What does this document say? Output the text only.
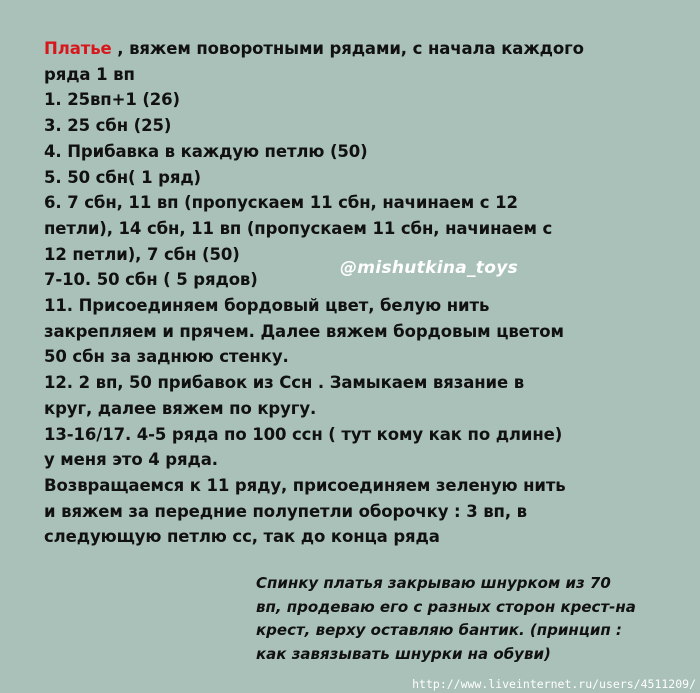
Платье , вяжем поворотными рядами, с начала каждого
ряда 1 вп
1. 25вп+1 (26)
3. 25 сбн (25)
4. Прибавка в каждую петлю (50)
5. 50 сбн( 1 ряд)
6. 7 сбн, 11 вп (пропускаем 11 сбн, начинаем с 12
петли), 14 сбн, 11 вп (пропускаем 11 сбн, начинаем с
12 петли), 7 сбн (50)
7-10. 50 сбн ( 5 рядов)
11. Присоединяем бордовый цвет, белую нить
закрепляем и прячем. Далее вяжем бордовым цветом
50 сбн за заднюю стенку.
12. 2 вп, 50 прибавок из Ссн . Замыкаем вязание в
круг, далее вяжем по кругу.
13-16/17. 4-5 ряда по 100 ссн ( тут кому как по длине)
у меня это 4 ряда.
Возвращаемся к 11 ряду, присоединяем зеленую нить
и вяжем за передние полупетли оборочку : 3 вп, в
следующую петлю сс, так до конца ряда
@mishutkina_toys
Спинку платья закрываю шнурком из 70
вп, продеваю его с разных сторон крест-на
крест, верху оставляю бантик. (принцип :
как завязывать шнурки на обуви)
http://www.liveinternet.ru/users/4511209/
